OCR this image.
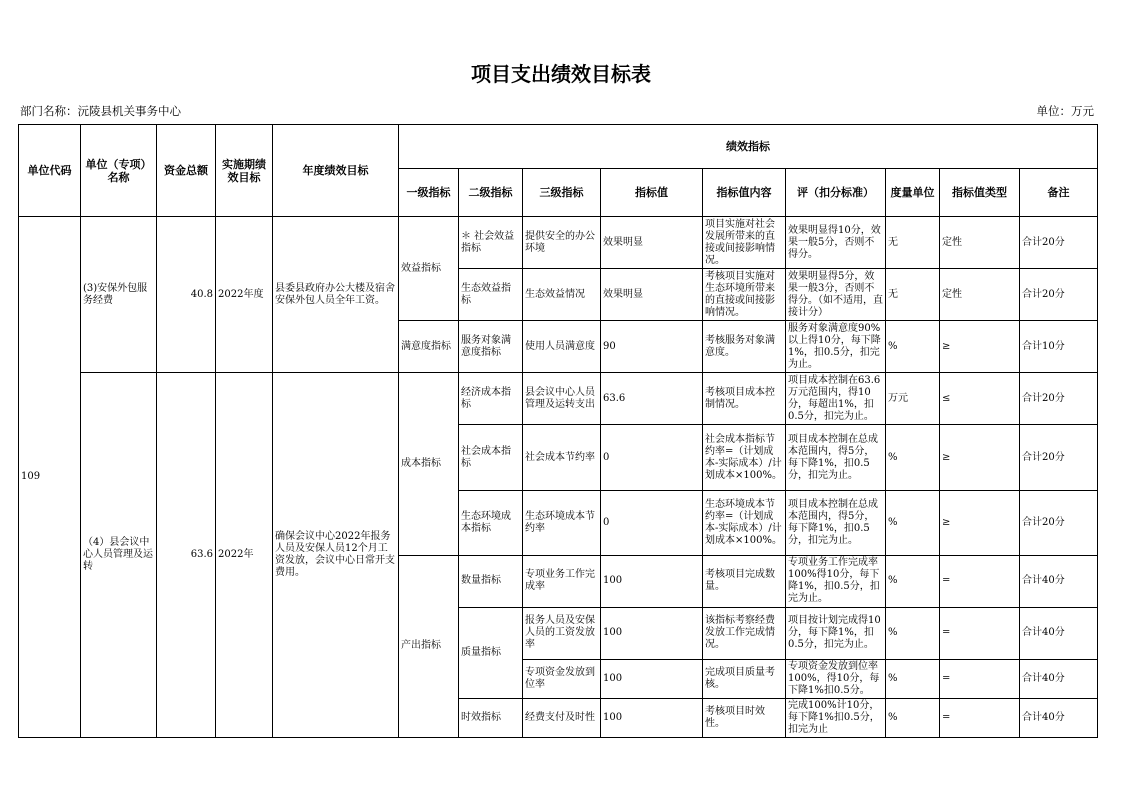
项目支出绩效目标表
部门名称：沅陵县机关事务中心	单位：万元
单位代码	单位（专项）名称	资金总额	实施期绩效目标	年度绩效目标	绩效指标								
					一级指标	二级指标	三级指标	指标值	指标值内容	评（扣分标准）	度量单位	指标值类型	备注
109	(3)安保外包服务经费	40.8	2022年度	县委县政府办公大楼及宿舍安保外包人员全年工资。	效益指标	＊ 社会效益指标	提供安全的办公环境	效果明显	项目实施对社会发展所带来的直接或间接影响情况。	效果明显得10分，效果一般5分，否则不得分。	无	定性	合计20分
						生态效益指标	生态效益情况	效果明显	考核项目实施对生态环境所带来的直接或间接影响情况。	效果明显得5分，效果一般3分，否则不得分。（如不适用，直接计分）	无	定性	合计20分
					满意度指标	服务对象满意度指标	使用人员满意度	90	考核服务对象满意度。	服务对象满意度90%以上得10分，每下降1%，扣0.5分，扣完为止。	%	≥	合计10分
	（4）县会议中心人员管理及运转	63.6	2022年	确保会议中心2022年报务人员及安保人员12个月工资发放，会议中心日常开支费用。	成本指标	经济成本指标	县会议中心人员管理及运转支出	63.6	考核项目成本控制情况。	项目成本控制在63.6万元范围内，得10分，每超出1%，扣0.5分，扣完为止。	万元	≤	合计20分
						社会成本指标	社会成本节约率	0	社会成本指标节约率=（计划成本-实际成本）/计划成本×100%。	项目成本控制在总成本范围内，得5分，每下降1%，扣0.5分，扣完为止。	%	≥	合计20分
						生态环境成本指标	生态环境成本节约率	0	生态环境成本节约率=（计划成本-实际成本）/计划成本×100%。	项目成本控制在总成本范围内，得5分，每下降1%，扣0.5分，扣完为止。	%	≥	合计20分
					产出指标	数量指标	专项业务工作完成率	100	考核项目完成数量。	专项业务工作完成率100%得10分，每下降1%，扣0.5分，扣完为止。	%	=	合计40分
						质量指标	报务人员及安保人员的工资发放率	100	该指标考察经费发放工作完成情况。	项目按计划完成得10分，每下降1%，扣0.5分，扣完为止。	%	=	合计40分
							专项资金发放到位率	100	完成项目质量考核。	专项资金发放到位率100%，得10分，每下降1%扣0.5分。	%	=	合计40分
						时效指标	经费支付及时性	100	考核项目时效性。	完成100%计10分，每下降1%扣0.5分，扣完为止	%	=	合计40分
